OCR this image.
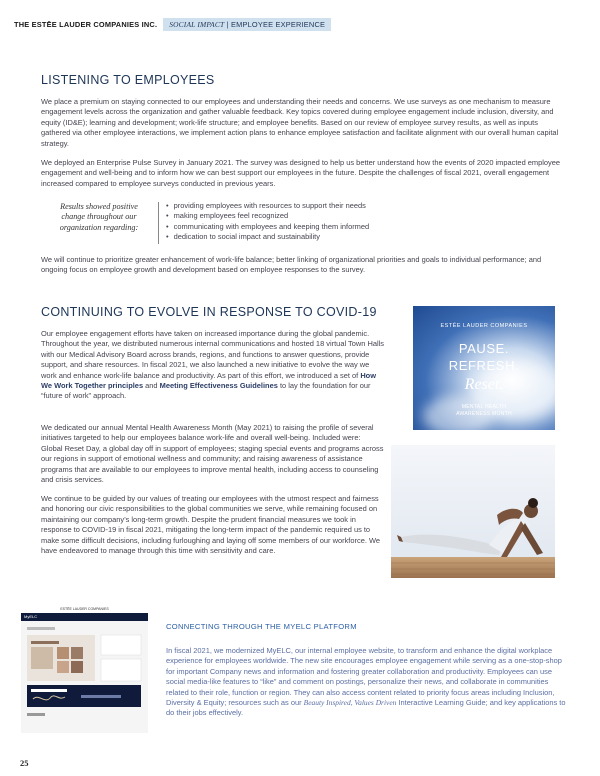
THE ESTĒE LAUDER COMPANIES INC.	SOCIAL IMPACT | EMPLOYEE EXPERIENCE
LISTENING TO EMPLOYEES

We place a premium on staying connected to our employees and understanding their needs and concerns. We use surveys as one mechanism to measure engagement levels across the organization and gather valuable feedback. Key topics covered during employee engagement include inclusion, diversity, and equity (ID&E); learning and development; work-life structure; and employee benefits. Based on our review of employee survey results, as well as inputs gathered via other employee interactions, we implement action plans to enhance employee satisfaction and facilitate alignment with our overall human capital strategy.

We deployed an Enterprise Pulse Survey in January 2021. The survey was designed to help us better understand how the events of 2020 impacted employee engagement and well-being and to inform how we can best support our employees in the future. Despite the challenges of fiscal 2021, overall engagement increased compared to employee surveys conducted in previous years.

Results showed positive change throughout our organization regarding:
• providing employees with resources to support their needs
• making employees feel recognized
• communicating with employees and keeping them informed
• dedication to social impact and sustainability

We will continue to prioritize greater enhancement of work-life balance; better linking of organizational priorities and goals to individual performance; and ongoing focus on employee growth and development based on employee responses to the survey.

CONTINUING TO EVOLVE IN RESPONSE TO COVID-19

Our employee engagement efforts have taken on increased importance during the global pandemic. Throughout the year, we distributed numerous internal communications and hosted 18 virtual Town Halls with our Medical Advisory Board across brands, regions, and functions to answer questions, provide support, and share resources. In fiscal 2021, we also launched a new initiative to evolve the way we work and enhance work-life balance and productivity. As part of this effort, we introduced a set of How We Work Together principles and Meeting Effectiveness Guidelines to lay the foundation for our “future of work” approach.

We dedicated our annual Mental Health Awareness Month (May 2021) to raising the profile of several initiatives targeted to help our employees balance work-life and overall well-being. Included were: Global Reset Day, a global day off in support of employees; staging special events and programs across our regions in support of emotional wellness and community; and raising awareness of assistance programs that are available to our employees to improve mental health, including access to counseling and crisis services.

We continue to be guided by our values of treating our employees with the utmost respect and fairness and honoring our civic responsibilities to the global communities we serve, while remaining focused on maintaining our company’s long-term growth. Despite the prudent financial measures we took in response to COVID-19 in fiscal 2021, mitigating the long-term impact of the pandemic required us to make some difficult decisions, including furloughing and laying off some members of our workforce. We have endeavored to manage through this time with sensitivity and care.

ESTĒE LAUDER COMPANIES
PAUSE.
REFRESH.
Reset.
MENTAL HEALTH
AWARENESS MONTH
ESTĒE LAUDER COMPANIES
MyELC
CONNECTING THROUGH THE MYELC PLATFORM

In fiscal 2021, we modernized MyELC, our internal employee website, to transform and enhance the digital workplace experience for employees worldwide. The new site encourages employee engagement while serving as a one-stop-shop for important Company news and information and fostering greater collaboration and productivity. Employees can use social media-like features to “like” and comment on postings, personalize their news, and collaborate in communities related to their role, function or region. They can also access content related to priority focus areas including Inclusion, Diversity & Equity; resources such as our Beauty Inspired, Values Driven Interactive Learning Guide; and key applications to do their jobs effectively.

25
